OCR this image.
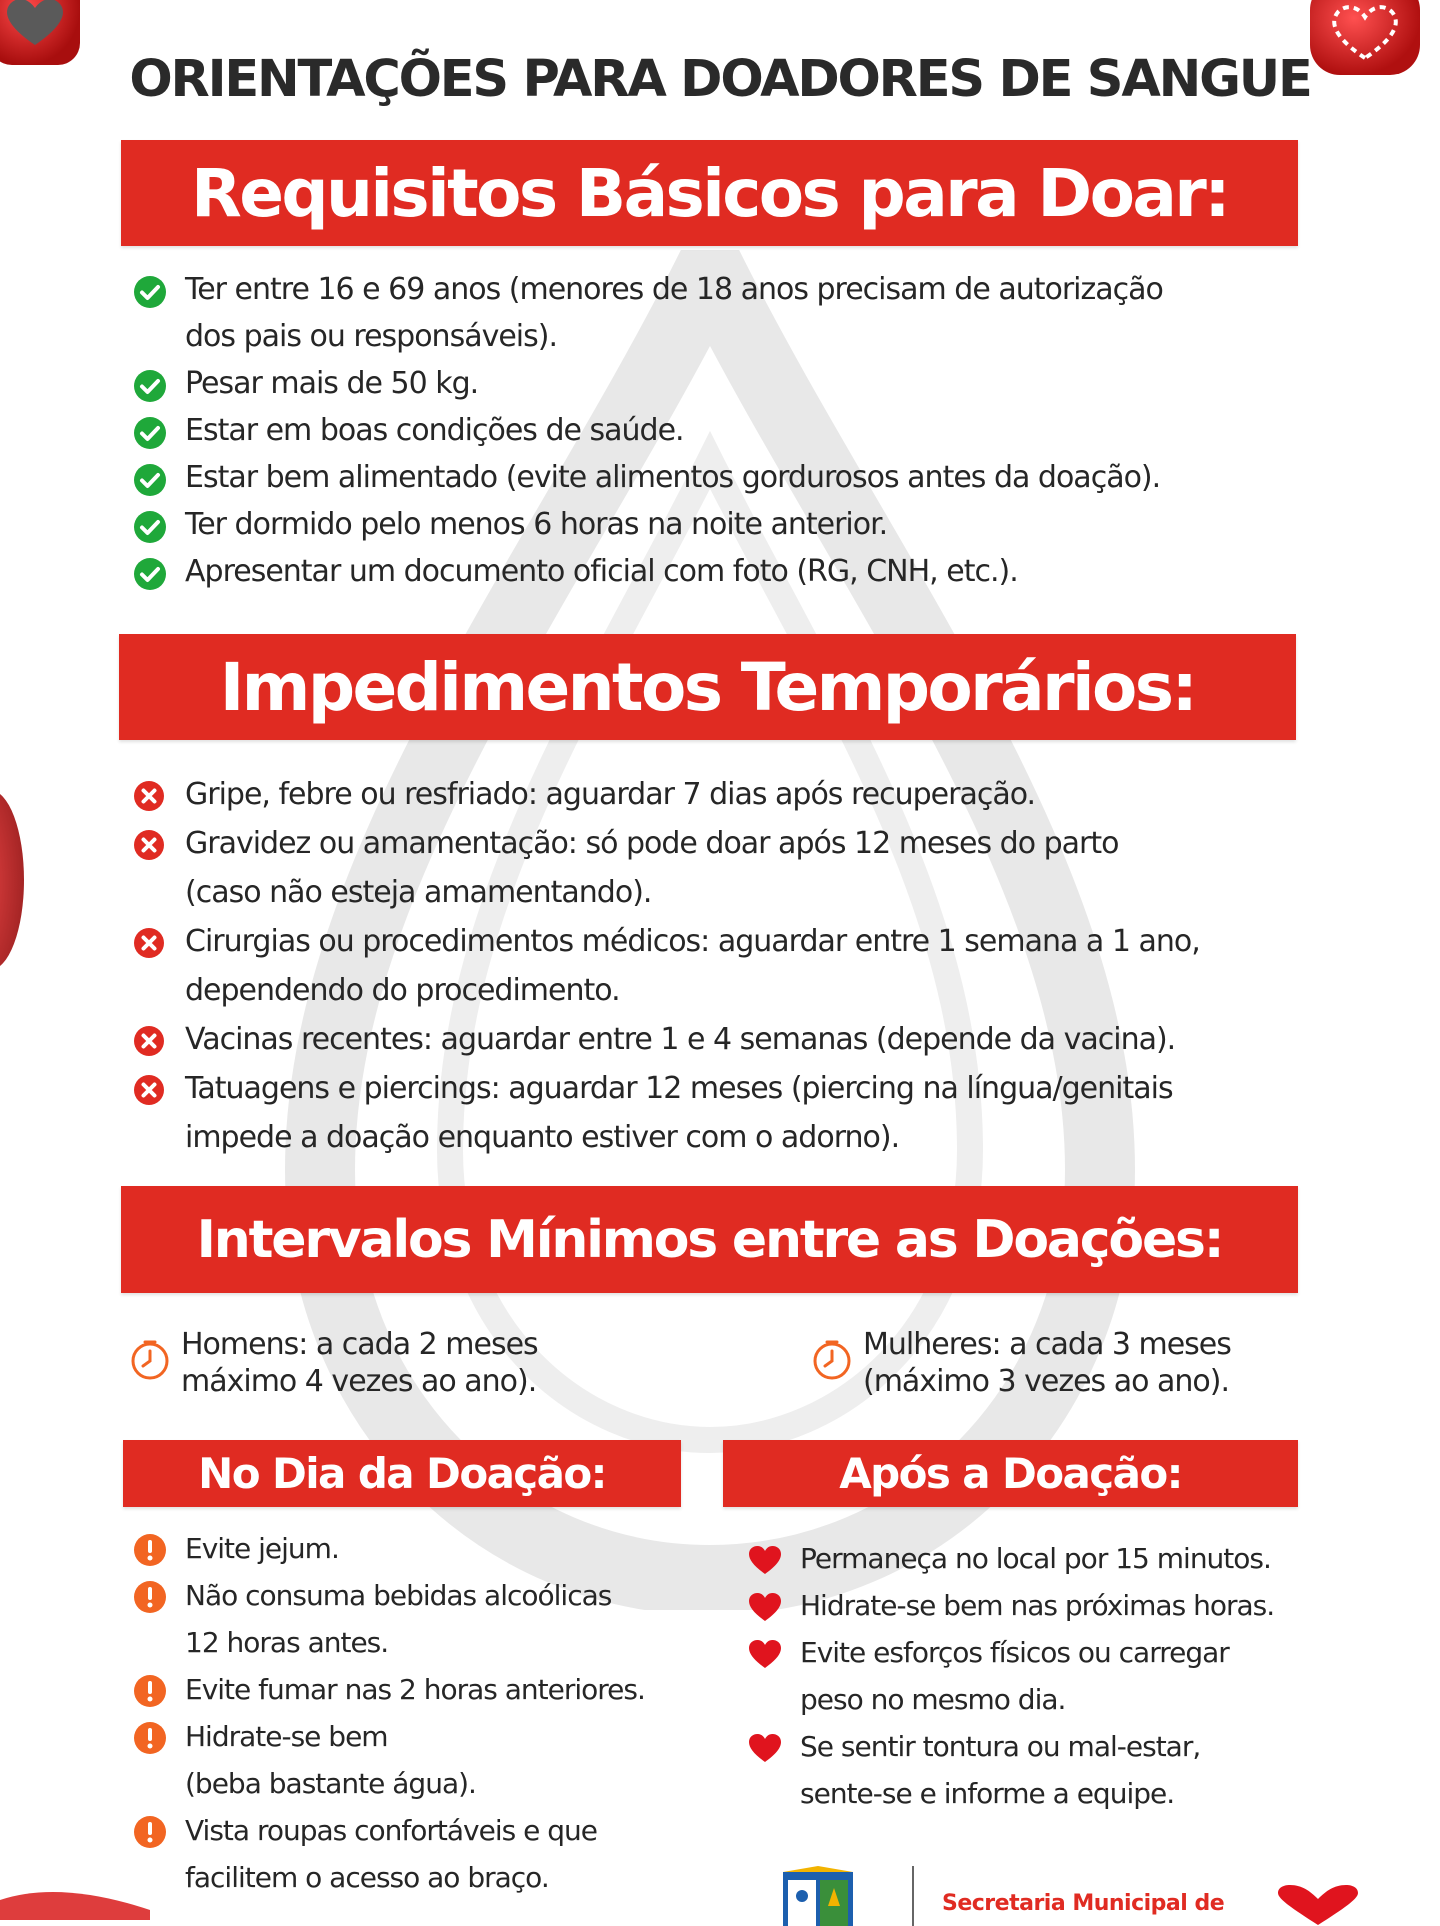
ORIENTAÇÕES PARA DOADORES DE SANGUE
Requisitos Básicos para Doar:
Ter entre 16 e 69 anos (menores de 18 anos precisam de autorização
dos pais ou responsáveis).
Pesar mais de 50 kg.
Estar em boas condições de saúde.
Estar bem alimentado (evite alimentos gordurosos antes da doação).
Ter dormido pelo menos 6 horas na noite anterior.
Apresentar um documento oficial com foto (RG, CNH, etc.).
Impedimentos Temporários:
Gripe, febre ou resfriado: aguardar 7 dias após recuperação.
Gravidez ou amamentação: só pode doar após 12 meses do parto
(caso não esteja amamentando).
Cirurgias ou procedimentos médicos: aguardar entre 1 semana a 1 ano,
dependendo do procedimento.
Vacinas recentes: aguardar entre 1 e 4 semanas (depende da vacina).
Tatuagens e piercings: aguardar 12 meses (piercing na língua/genitais
impede a doação enquanto estiver com o adorno).
Intervalos Mínimos entre as Doações:

Homens: a cada 2 meses

máximo 4 vezes ao ano).

Mulheres: a cada 3 meses

(máximo 3 vezes ao ano).

No Dia da Doação:
Evite jejum.
Não consuma bebidas alcoólicas
12 horas antes.
Evite fumar nas 2 horas anteriores.
Hidrate-se bem
(beba bastante água).
Vista roupas confortáveis e que
facilitem o acesso ao braço.
Após a Doação:
Permaneça no local por 15 minutos.
Hidrate-se bem nas próximas horas.
Evite esforços físicos ou carregar
peso no mesmo dia.
Se sentir tontura ou mal-estar,
sente-se e informe a equipe.
Secretaria Municipal de
